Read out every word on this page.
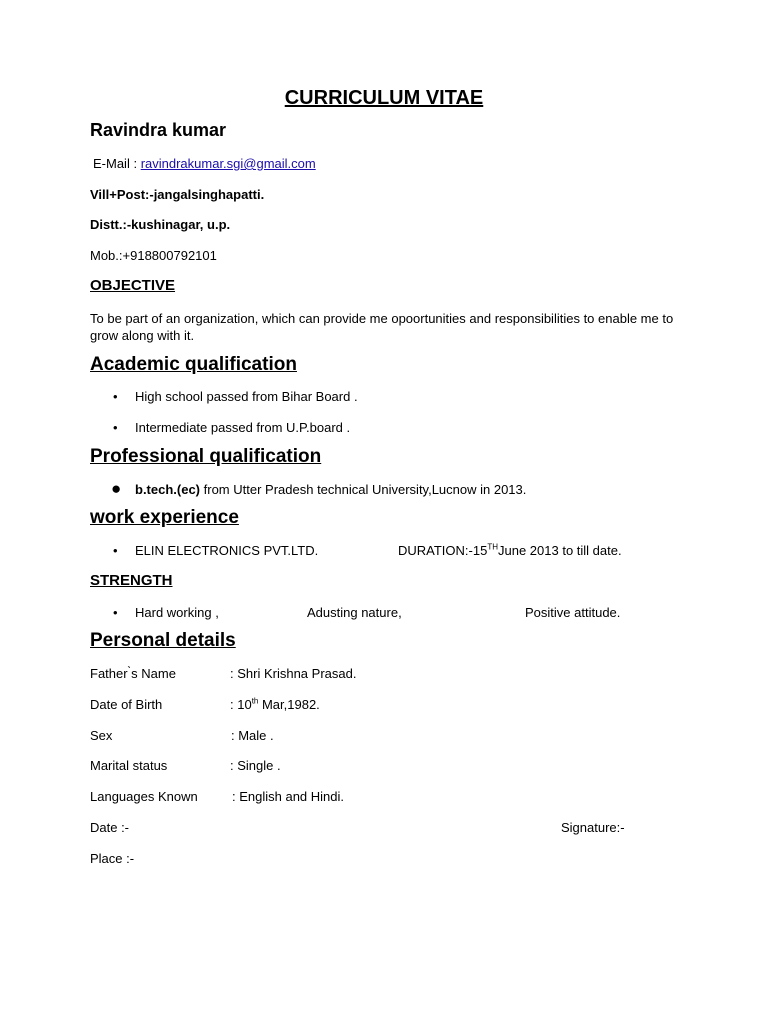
CURRICULUM VITAE
Ravindra kumar
E-Mail : ravindrakumar.sgi@gmail.com
Vill+Post:-jangalsinghapatti.
Distt.:-kushinagar, u.p.
Mob.:+918800792101
OBJECTIVE
To be part of an organization, which can provide me opoortunities and responsibilities to enable me to grow along with it.
Academic qualification
• High school passed from Bihar Board .
• Intermediate passed from U.P.board .
Professional qualification
● b.tech.(ec) from Utter Pradesh technical University,Lucnow in 2013.
work experience
• ELIN ELECTRONICS PVT.LTD.	DURATION:-15THJune 2013 to till date.
STRENGTH
• Hard working ,	Adusting nature,	Positive attitude.
Personal details
Father ̀s Name	: Shri Krishna Prasad.
Date of Birth	: 10th Mar,1982.
Sex	: Male .
Marital status	: Single .
Languages Known	: English and Hindi.
Date :-	Signature:-
Place :-
